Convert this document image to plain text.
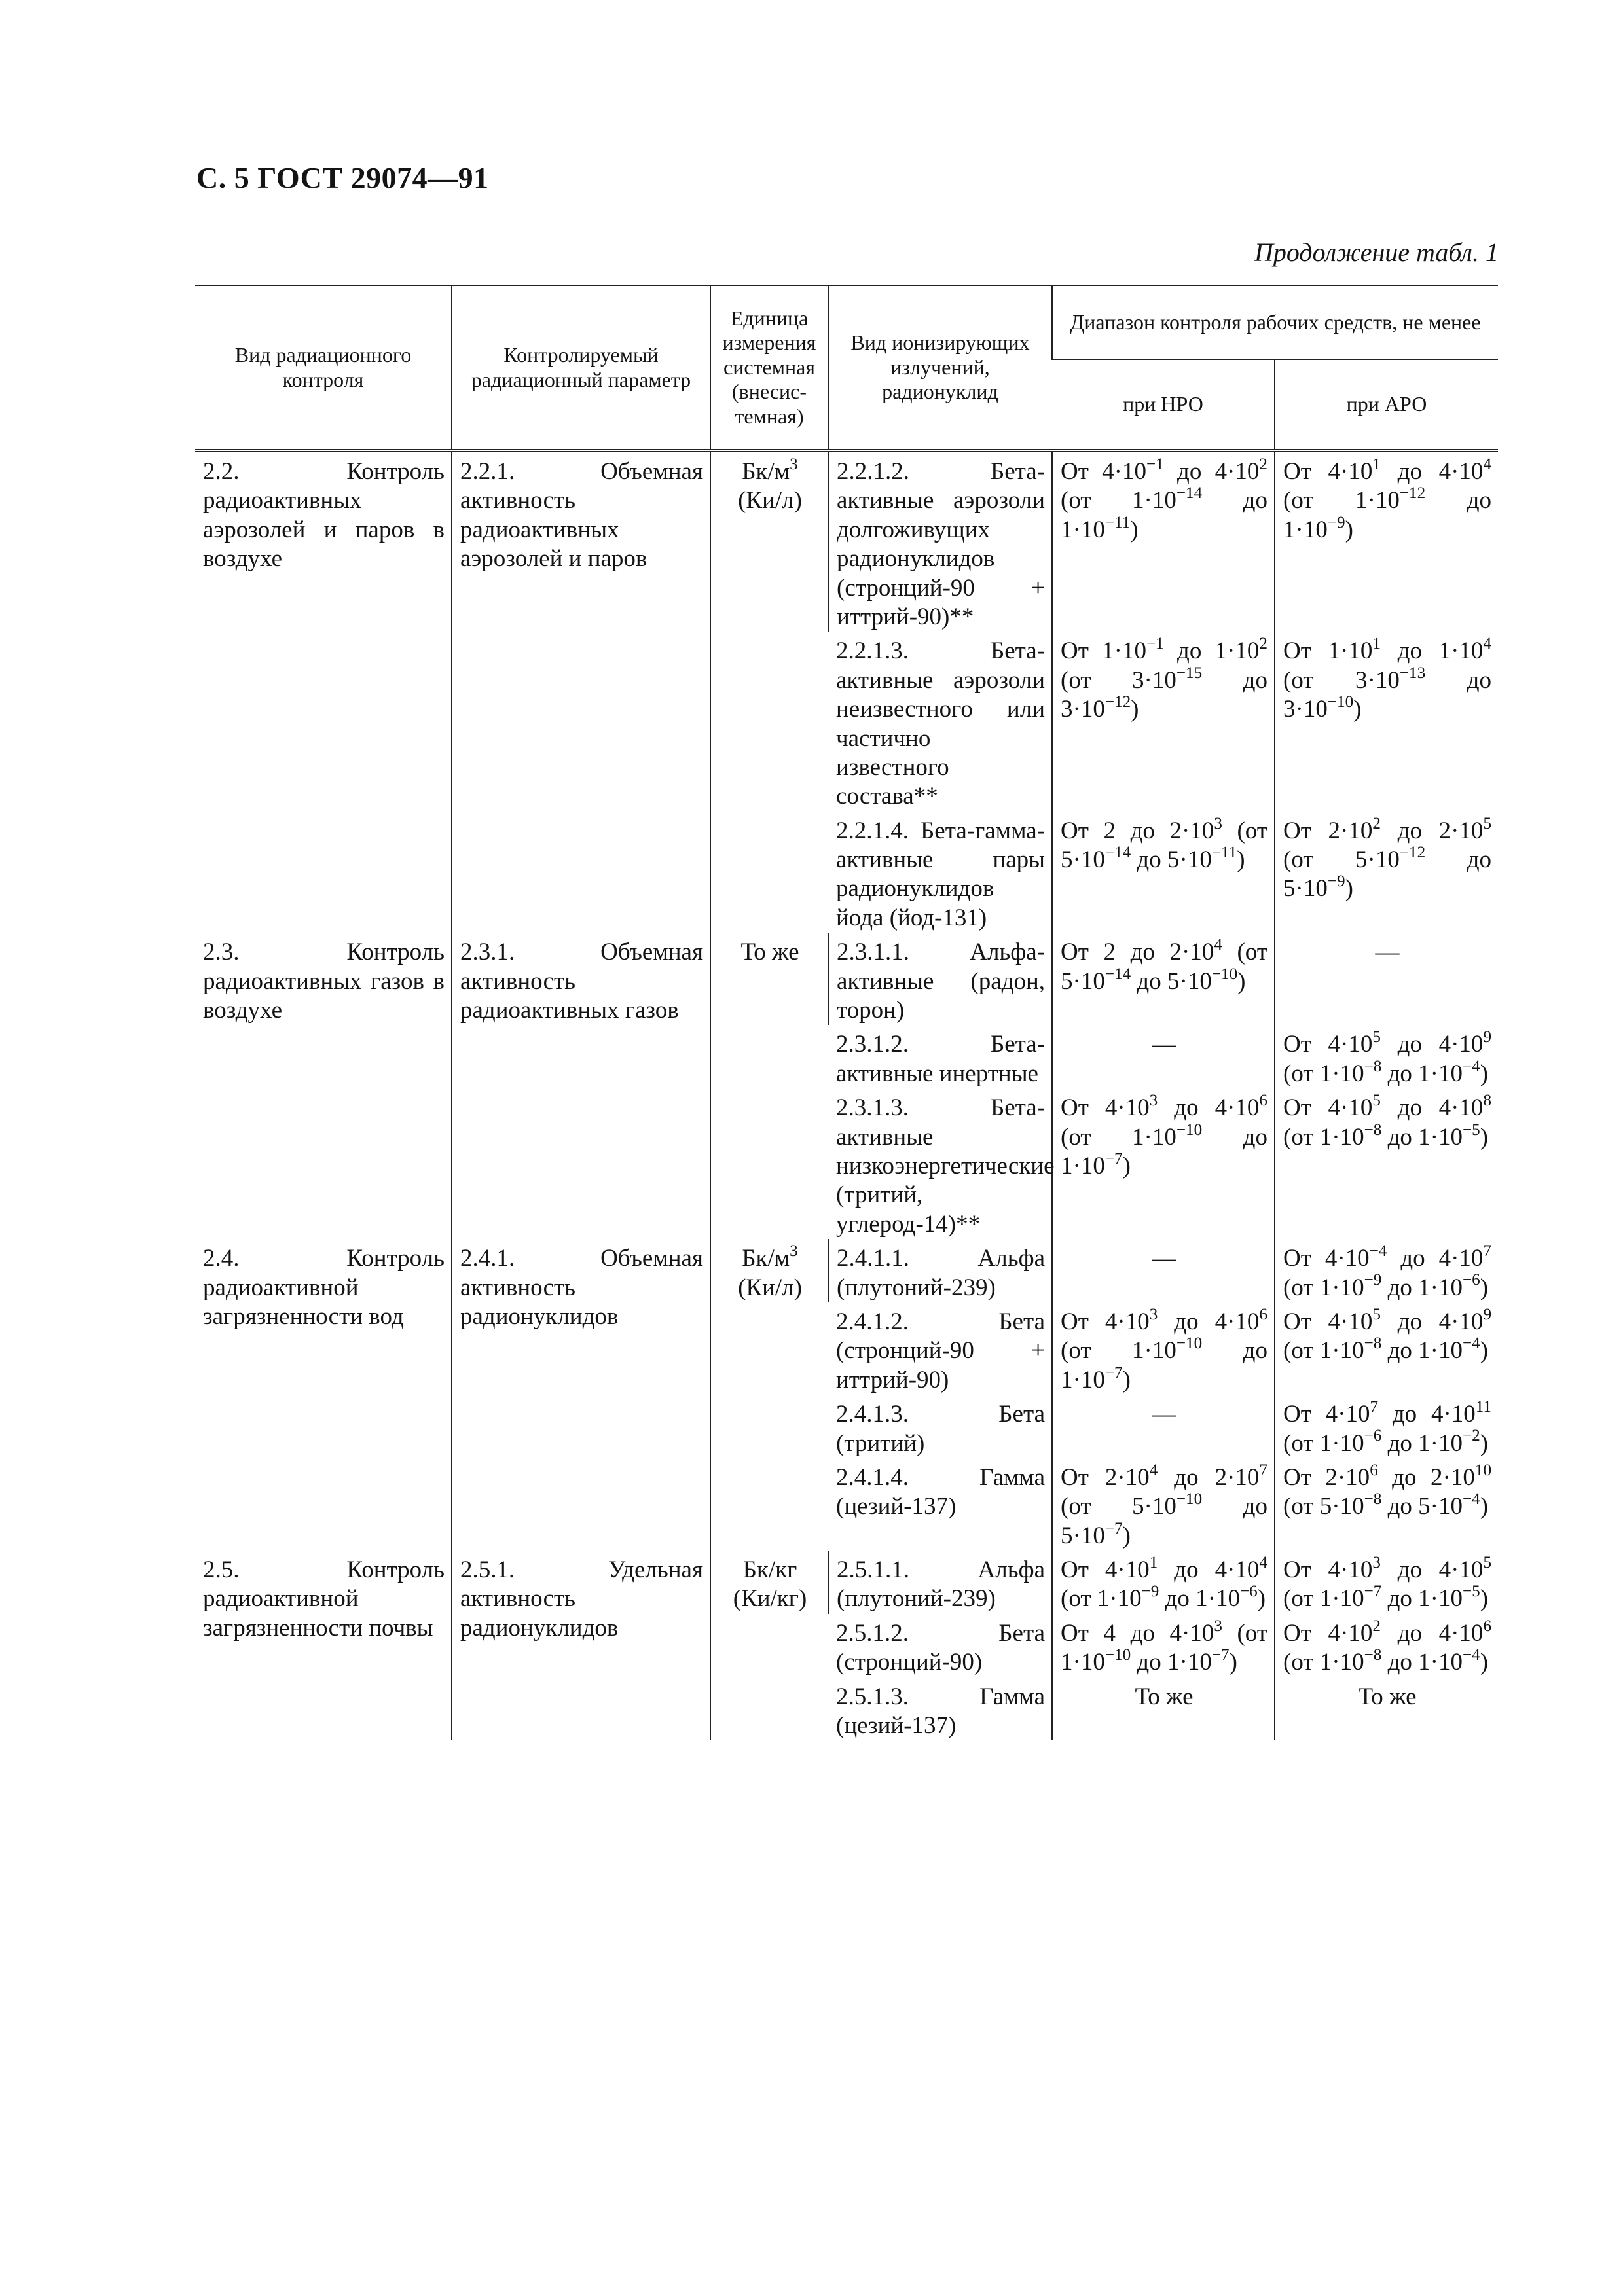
С. 5 ГОСТ 29074—91
Продолжение табл. 1
Вид радиационного контроля	Контролируемый радиационный параметр	Единица измерения системная (внесис- темная)	Вид ионизирующих излучений, радионуклид	Диапазон контроля рабочих средств, не менее	
				при НРО	при АРО
2.2. Контроль радиоактивных аэрозолей и паров в воздухе	2.2.1. Объемная активность радиоактивных аэрозолей и паров	$Бк/м^3$ (Ки/л)	2.2.1.2. Бета-активные аэрозоли долгоживущих радионуклидов (стронций-90 + иттрий-90)**	От $4\cdot 10^{-1}$ до $4\cdot 10^2$ (от $1\cdot 10^{-14}$ до $1\cdot 10^{-11}$)	От $4\cdot 10^1$ до $4\cdot 10^4$ (от $1\cdot 10^{-12}$ до $1\cdot 10^{-9}$)
			2.2.1.3. Бета-активные аэрозоли неизвестного или частично известного состава**	От $1\cdot 10^{-1}$ до $1\cdot 10^2$ (от $3\cdot 10^{-15}$ до $3\cdot 10^{-12}$)	От $1\cdot 10^1$ до $1\cdot 10^4$ (от $3\cdot 10^{-13}$ до $3\cdot 10^{-10}$)
			2.2.1.4. Бета-гамма-активные пары радионуклидов йода (йод-131)	От 2 до $2\cdot 10^3$ (от $5\cdot 10^{-14}$ до $5\cdot 10^{-11}$)	От $2\cdot 10^2$ до $2\cdot 10^5$ (от $5\cdot 10^{-12}$ до $5\cdot 10^{-9}$)
2.3. Контроль радиоактивных газов в воздухе	2.3.1. Объемная активность радиоактивных газов	То же	2.3.1.1. Альфа-активные (радон, торон)	От 2 до $2\cdot 10^4$ (от $5\cdot 10^{-14}$ до $5\cdot 10^{-10}$)	—
			2.3.1.2. Бета-активные инертные	—	От $4\cdot 10^5$ до $4\cdot 10^9$ (от $1\cdot 10^{-8}$ до $1\cdot 10^{-4}$)
			2.3.1.3. Бета-активные низкоэнергетические (тритий, углерод-14)**	От $4\cdot 10^3$ до $4\cdot 10^6$ (от $1\cdot 10^{-10}$ до $1\cdot 10^{-7}$)	От $4\cdot 10^5$ до $4\cdot 10^8$ (от $1\cdot 10^{-8}$ до $1\cdot 10^{-5}$)
2.4. Контроль радиоактивной загрязненности вод	2.4.1. Объемная активность радионуклидов	$Бк/м^3$ (Ки/л)	2.4.1.1. Альфа (плутоний-239)	—	От $4\cdot 10^{-4}$ до $4\cdot 10^7$ (от $1\cdot 10^{-9}$ до $1\cdot 10^{-6}$)
			2.4.1.2. Бета (стронций-90 + иттрий-90)	От $4\cdot 10^3$ до $4\cdot 10^6$ (от $1\cdot 10^{-10}$ до $1\cdot 10^{-7}$)	От $4\cdot 10^5$ до $4\cdot 10^9$ (от $1\cdot 10^{-8}$ до $1\cdot 10^{-4}$)
			2.4.1.3. Бета (тритий)	—	От $4\cdot 10^7$ до $4\cdot 10^{11}$ (от $1\cdot 10^{-6}$ до $1\cdot 10^{-2}$)
			2.4.1.4. Гамма (цезий-137)	От $2\cdot 10^4$ до $2\cdot 10^7$ (от $5\cdot 10^{-10}$ до $5\cdot 10^{-7}$)	От $2\cdot 10^6$ до $2\cdot 10^{10}$ (от $5\cdot 10^{-8}$ до $5\cdot 10^{-4}$)
2.5. Контроль радиоактивной загрязненности почвы	2.5.1. Удельная активность радионуклидов	Бк/кг (Ки/кг)	2.5.1.1. Альфа (плутоний-239)	От $4\cdot 10^1$ до $4\cdot 10^4$ (от $1\cdot 10^{-9}$ до $1\cdot 10^{-6}$)	От $4\cdot 10^3$ до $4\cdot 10^5$ (от $1\cdot 10^{-7}$ до $1\cdot 10^{-5}$)
			2.5.1.2. Бета (стронций-90)	От 4 до $4\cdot 10^3$ (от $1\cdot 10^{-10}$ до $1\cdot 10^{-7}$)	От $4\cdot 10^2$ до $4\cdot 10^6$ (от $1\cdot 10^{-8}$ до $1\cdot 10^{-4}$)
			2.5.1.3. Гамма (цезий-137)	То же	То же
